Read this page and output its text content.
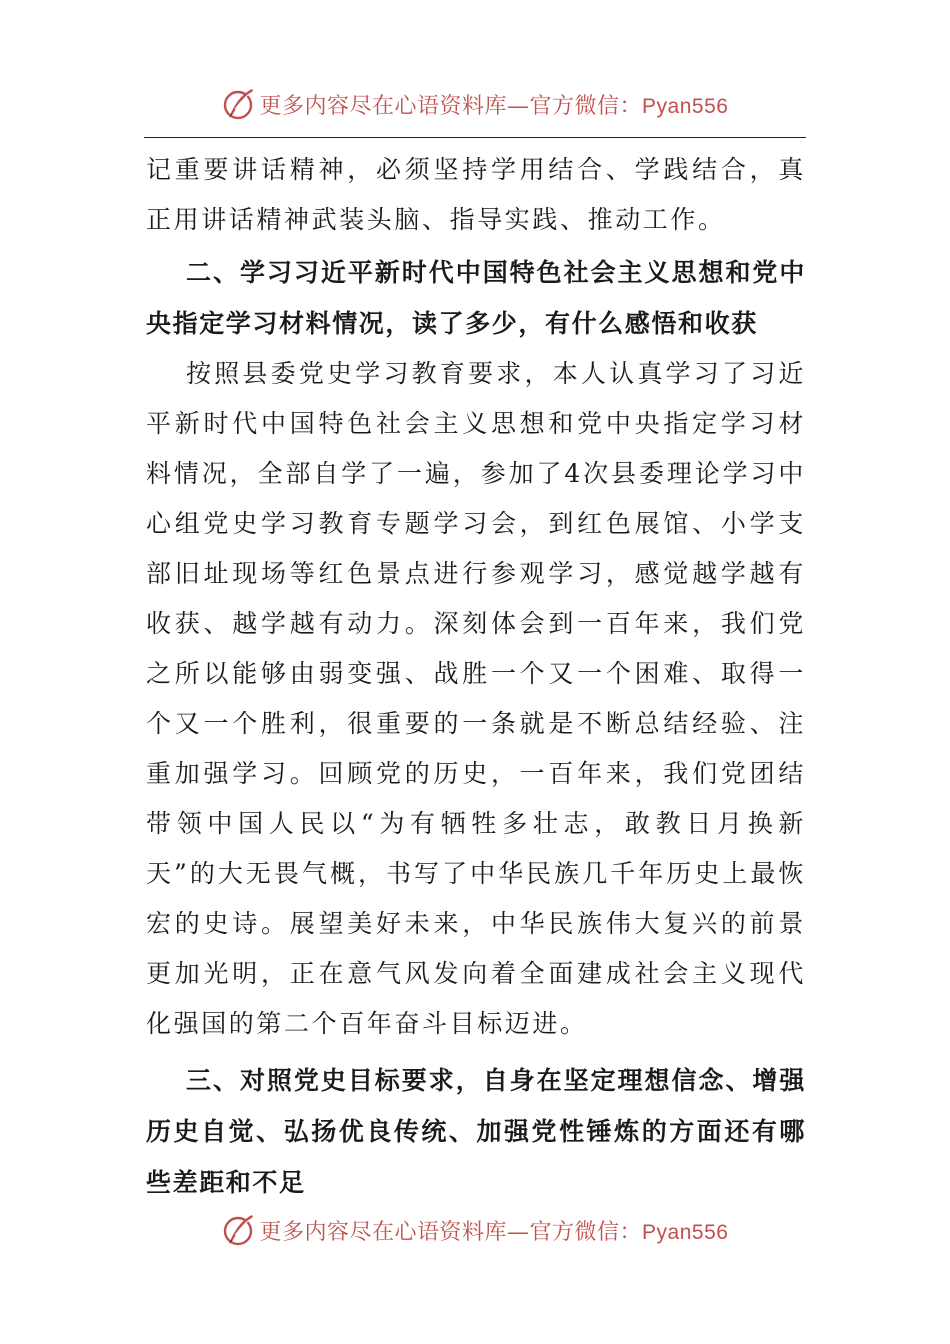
更多内容尽在心语资料库—官方微信：Pyan556

记重要讲话精神，必须坚持学用结合、学践结合，真正用讲话精神武装头脑、指导实践、推动工作。

二、学习习近平新时代中国特色社会主义思想和党中央指定学习材料情况，读了多少，有什么感悟和收获

按照县委党史学习教育要求，本人认真学习了习近平新时代中国特色社会主义思想和党中央指定学习材料情况，全部自学了一遍，参加了4次县委理论学习中心组党史学习教育专题学习会，到红色展馆、小学支部旧址现场等红色景点进行参观学习，感觉越学越有收获、越学越有动力。深刻体会到一百年来，我们党之所以能够由弱变强、战胜一个又一个困难、取得一个又一个胜利，很重要的一条就是不断总结经验、注重加强学习。回顾党的历史，一百年来，我们党团结带领中国人民以“为有牺牲多壮志，敢教日月换新天”的大无畏气概，书写了中华民族几千年历史上最恢宏的史诗。展望美好未来，中华民族伟大复兴的前景更加光明，正在意气风发向着全面建成社会主义现代化强国的第二个百年奋斗目标迈进。

三、对照党史目标要求，自身在坚定理想信念、增强历史自觉、弘扬优良传统、加强党性锤炼的方面还有哪些差距和不足

更多内容尽在心语资料库—官方微信：Pyan556
